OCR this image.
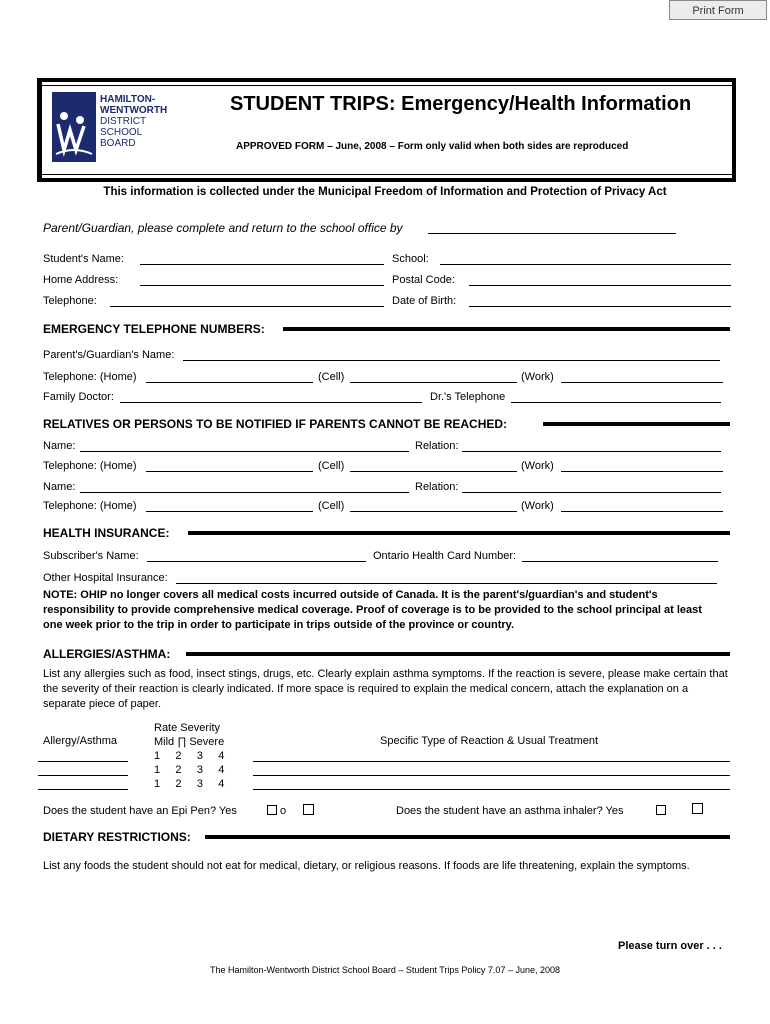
Print Form
HAMILTON-
WENTWORTH
DISTRICT
SCHOOL
BOARD
STUDENT TRIPS: Emergency/Health Information
APPROVED FORM – June, 2008 – Form only valid when both sides are reproduced
This information is collected under the Municipal Freedom of Information and Protection of Privacy Act
Parent/Guardian, please complete and return to the school office by
Student's Name:	School:
Home Address:	Postal Code:
Telephone:	Date of Birth:
EMERGENCY TELEPHONE NUMBERS:
Parent's/Guardian's Name:
Telephone: (Home)	(Cell)	(Work)
Family Doctor:	Dr.'s Telephone
RELATIVES OR PERSONS TO BE NOTIFIED IF PARENTS CANNOT BE REACHED:
Name:	Relation:
Telephone: (Home)	(Cell)	(Work)
Name:	Relation:
Telephone: (Home)	(Cell)	(Work)
HEALTH INSURANCE:
Subscriber's Name:	Ontario Health Card Number:
Other Hospital Insurance:
NOTE: OHIP no longer covers all medical costs incurred outside of Canada. It is the parent's/guardian's and student's responsibility to provide comprehensive medical coverage. Proof of coverage is to be provided to the school principal at least one week prior to the trip in order to participate in trips outside of the province or country.
ALLERGIES/ASTHMA:
List any allergies such as food, insect stings, drugs, etc. Clearly explain asthma symptoms. If the reaction is severe, please make certain that the severity of their reaction is clearly indicated. If more space is required to explain the medical concern, attach the explanation on a separate piece of paper.
Allergy/Asthma
Rate Severity
Mild ∏ Severe	Specific Type of Reaction & Usual Treatment
1 2 3 4
1 2 3 4
1 2 3 4
Does the student have an Epi Pen? Yes	o	Does the student have an asthma inhaler? Yes
DIETARY RESTRICTIONS:
List any foods the student should not eat for medical, dietary, or religious reasons. If foods are life threatening, explain the symptoms.
Please turn over . . .
The Hamilton-Wentworth District School Board – Student Trips Policy 7.07 – June, 2008
